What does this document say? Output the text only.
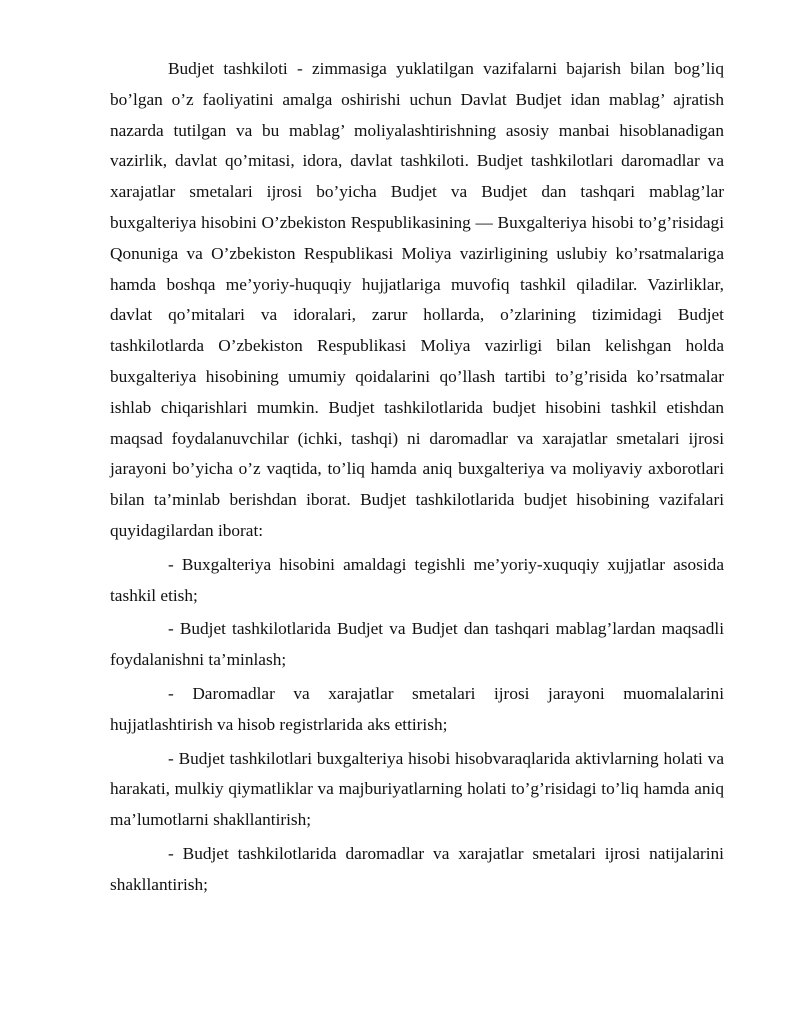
Budjet tashkiloti - zimmasiga yuklatilgan vazifalarni bajarish bilan bog’liq bo’lgan o’z faoliyatini amalga oshirishi uchun Davlat Budjet idan mablag’ ajratish nazarda tutilgan va bu mablag’ moliyalashtirishning asosiy manbai hisoblanadigan vazirlik, davlat qo’mitasi, idora, davlat tashkiloti. Budjet tashkilotlari daromadlar va xarajatlar smetalari ijrosi bo’yicha Budjet va Budjet dan tashqari mablag’lar buxgalteriya hisobini O’zbekiston Respublikasining — Buxgalteriya hisobi to’g’risidagi Qonuniga va O’zbekiston Respublikasi Moliya vazirligining uslubiy ko’rsatmalariga hamda boshqa me’yoriy-huquqiy hujjatlariga muvofiq tashkil qiladilar. Vazirliklar, davlat qo’mitalari va idoralari, zarur hollarda, o’zlarining tizimidagi Budjet tashkilotlarda O’zbekiston Respublikasi Moliya vazirligi bilan kelishgan holda buxgalteriya hisobining umumiy qoidalarini qo’llash tartibi to’g’risida ko’rsatmalar ishlab chiqarishlari mumkin. Budjet tashkilotlarida budjet hisobini tashkil etishdan maqsad foydalanuvchilar (ichki, tashqi) ni daromadlar va xarajatlar smetalari ijrosi jarayoni bo’yicha o’z vaqtida, to’liq hamda aniq buxgalteriya va moliyaviy axborotlari bilan ta’minlab berishdan iborat. Budjet tashkilotlarida budjet hisobining vazifalari quyidagilardan iborat:

- Buxgalteriya hisobini amaldagi tegishli me’yoriy-xuquqiy xujjatlar asosida tashkil etish;

- Budjet tashkilotlarida Budjet va Budjet dan tashqari mablag’lardan maqsadli foydalanishni ta’minlash;

- Daromadlar va xarajatlar smetalari ijrosi jarayoni muomalalarini hujjatlashtirish va hisob registrlarida aks ettirish;

- Budjet tashkilotlari buxgalteriya hisobi hisobvaraqlarida aktivlarning holati va harakati, mulkiy qiymatliklar va majburiyatlarning holati to’g’risidagi to’liq hamda aniq ma’lumotlarni shakllantirish;

- Budjet tashkilotlarida daromadlar va xarajatlar smetalari ijrosi natijalarini shakllantirish;
